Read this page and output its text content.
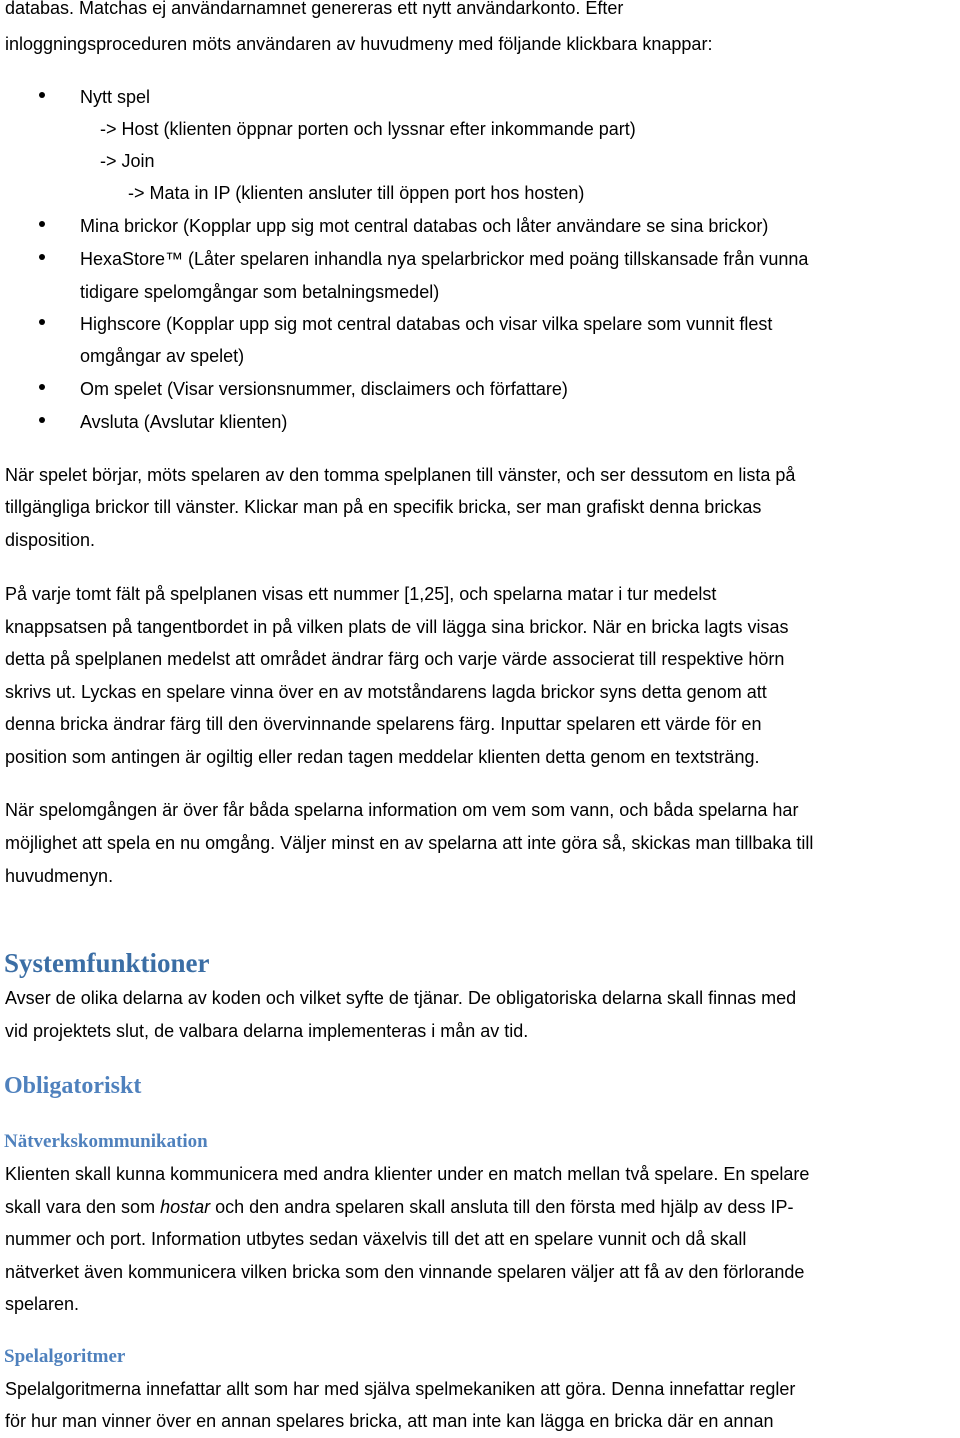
databas. Matchas ej användarnamnet genereras ett nytt användarkonto. Efter
inloggningsproceduren möts användaren av huvudmeny med följande klickbara knappar:
Nytt spel
-> Host (klienten öppnar porten och lyssnar efter inkommande part)
-> Join
-> Mata in IP (klienten ansluter till öppen port hos hosten)
Mina brickor (Kopplar upp sig mot central databas och låter användare se sina brickor)
HexaStore™ (Låter spelaren inhandla nya spelarbrickor med poäng tillskansade från vunna
tidigare spelomgångar som betalningsmedel)
Highscore (Kopplar upp sig mot central databas och visar vilka spelare som vunnit flest
omgångar av spelet)
Om spelet (Visar versionsnummer, disclaimers och författare)
Avsluta (Avslutar klienten)
När spelet börjar, möts spelaren av den tomma spelplanen till vänster, och ser dessutom en lista på
tillgängliga brickor till vänster. Klickar man på en specifik bricka, ser man grafiskt denna brickas
disposition.
På varje tomt fält på spelplanen visas ett nummer [1,25], och spelarna matar i tur medelst
knappsatsen på tangentbordet in på vilken plats de vill lägga sina brickor. När en bricka lagts visas
detta på spelplanen medelst att området ändrar färg och varje värde associerat till respektive hörn
skrivs ut. Lyckas en spelare vinna över en av motståndarens lagda brickor syns detta genom att
denna bricka ändrar färg till den övervinnande spelarens färg. Inputtar spelaren ett värde för en
position som antingen är ogiltig eller redan tagen meddelar klienten detta genom en textsträng.
När spelomgången är över får båda spelarna information om vem som vann, och båda spelarna har
möjlighet att spela en nu omgång. Väljer minst en av spelarna att inte göra så, skickas man tillbaka till
huvudmenyn.
Systemfunktioner
Avser de olika delarna av koden och vilket syfte de tjänar. De obligatoriska delarna skall finnas med
vid projektets slut, de valbara delarna implementeras i mån av tid.
Obligatoriskt
Nätverkskommunikation
Klienten skall kunna kommunicera med andra klienter under en match mellan två spelare. En spelare
skall vara den som hostar och den andra spelaren skall ansluta till den första med hjälp av dess IP-
nummer och port. Information utbytes sedan växelvis till det att en spelare vunnit och då skall
nätverket även kommunicera vilken bricka som den vinnande spelaren väljer att få av den förlorande
spelaren.
Spelalgoritmer
Spelalgoritmerna innefattar allt som har med själva spelmekaniken att göra. Denna innefattar regler
för hur man vinner över en annan spelares bricka, att man inte kan lägga en bricka där en annan
